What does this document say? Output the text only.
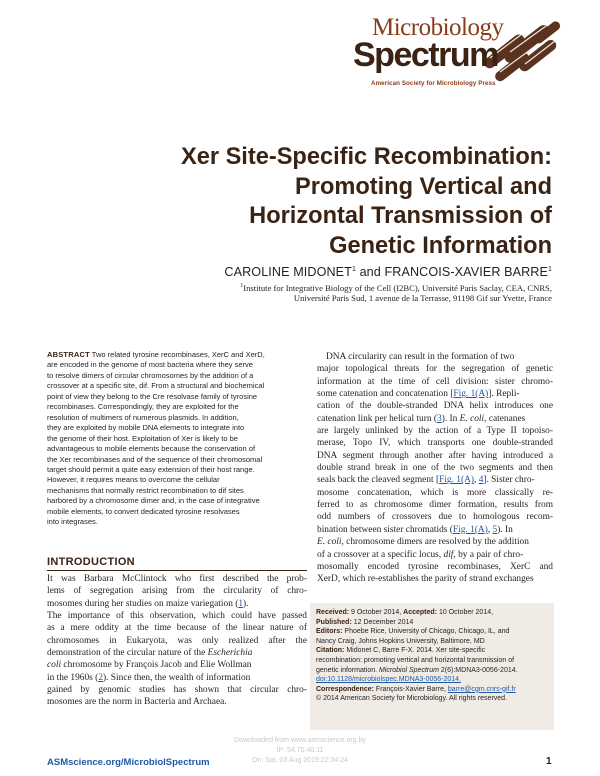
Microbiology
Spectrum
American Society for Microbiology Press
Xer Site-Specific Recombination:
Promoting Vertical and
Horizontal Transmission of
Genetic Information
CAROLINE MIDONET$^1$ and FRANCOIS-XAVIER BARRE$^1$
$^1$Institute for Integrative Biology of the Cell (I2BC), Université Paris Saclay, CEA, CNRS,
Université Paris Sud, 1 avenue de la Terrasse, 91198 Gif sur Yvette, France
ABSTRACT Two related tyrosine recombinases, XerC and XerD,
are encoded in the genome of most bacteria where they serve
to resolve dimers of circular chromosomes by the addition of a
crossover at a specific site, dif. From a structural and biochemical
point of view they belong to the Cre resolvase family of tyrosine
recombinases. Correspondingly, they are exploited for the
resolution of multimers of numerous plasmids. In addition,
they are exploited by mobile DNA elements to integrate into
the genome of their host. Exploitation of Xer is likely to be
advantageous to mobile elements because the conservation of
the Xer recombinases and of the sequence of their chromosomal
target should permit a quite easy extension of their host range.
However, it requires means to overcome the cellular
mechanisms that normally restrict recombination to dif sites
harbored by a chromosome dimer and, in the case of integrative
mobile elements, to convert dedicated tyrosine resolvases
into integrases.
INTRODUCTION
It was Barbara McClintock who first described the prob-
lems of segregation arising from the circularity of chro-
mosomes during her studies on maize variegation (1).
The importance of this observation, which could have passed
as a mere oddity at the time because of the linear nature of
chromosomes in Eukaryota, was only realized after the
demonstration of the circular nature of the Escherichia
coli chromosome by François Jacob and Elie Wollman
in the 1960s (2). Since then, the wealth of information
gained by genomic studies has shown that circular chro-
mosomes are the norm in Bacteria and Archaea.
DNA circularity can result in the formation of two
major topological threats for the segregation of genetic
information at the time of cell division: sister chromo-
some catenation and concatenation [Fig. 1(A)]. Repli-
cation of the double-stranded DNA helix introduces one
catenation link per helical turn (3). In E. coli, catenanes
are largely unlinked by the action of a Type II topoiso-
merase, Topo IV, which transports one double-stranded
DNA segment through another after having introduced a
double strand break in one of the two segments and then
seals back the cleaved segment [Fig. 1(A), 4]. Sister chro-
mosome concatenation, which is more classically re-
ferred to as chromosome dimer formation, results from
odd numbers of crossovers due to homologous recom-
bination between sister chromatids (Fig. 1(A), 5). In
E. coli, chromosome dimers are resolved by the addition
of a crossover at a specific locus, dif, by a pair of chro-
mosomally encoded tyrosine recombinases, XerC and
XerD, which re-establishes the parity of strand exchanges
Received: 9 October 2014, Accepted: 10 October 2014,
Published: 12 December 2014
Editors: Phoebe Rice, University of Chicago, Chicago, IL, and
Nancy Craig, Johns Hopkins University, Baltimore, MD
Citation: Midonet C, Barre F-X. 2014. Xer site-specific
recombination: promoting vertical and horizontal transmission of
genetic information. Microbiol Spectrum 2(6):MDNA3-0056-2014.
doi:10.1128/microbiolspec.MDNA3-0056-2014.
Correspondence: François-Xavier Barre, barre@cgm.cnrs-gif.fr
© 2014 American Society for Microbiology. All rights reserved.
ASMscience.org/MicrobiolSpectrum	1
Downloaded from www.asmscience.org by
IP: 54.70.40.11
On: Sat, 03 Aug 2019 22:34:24
